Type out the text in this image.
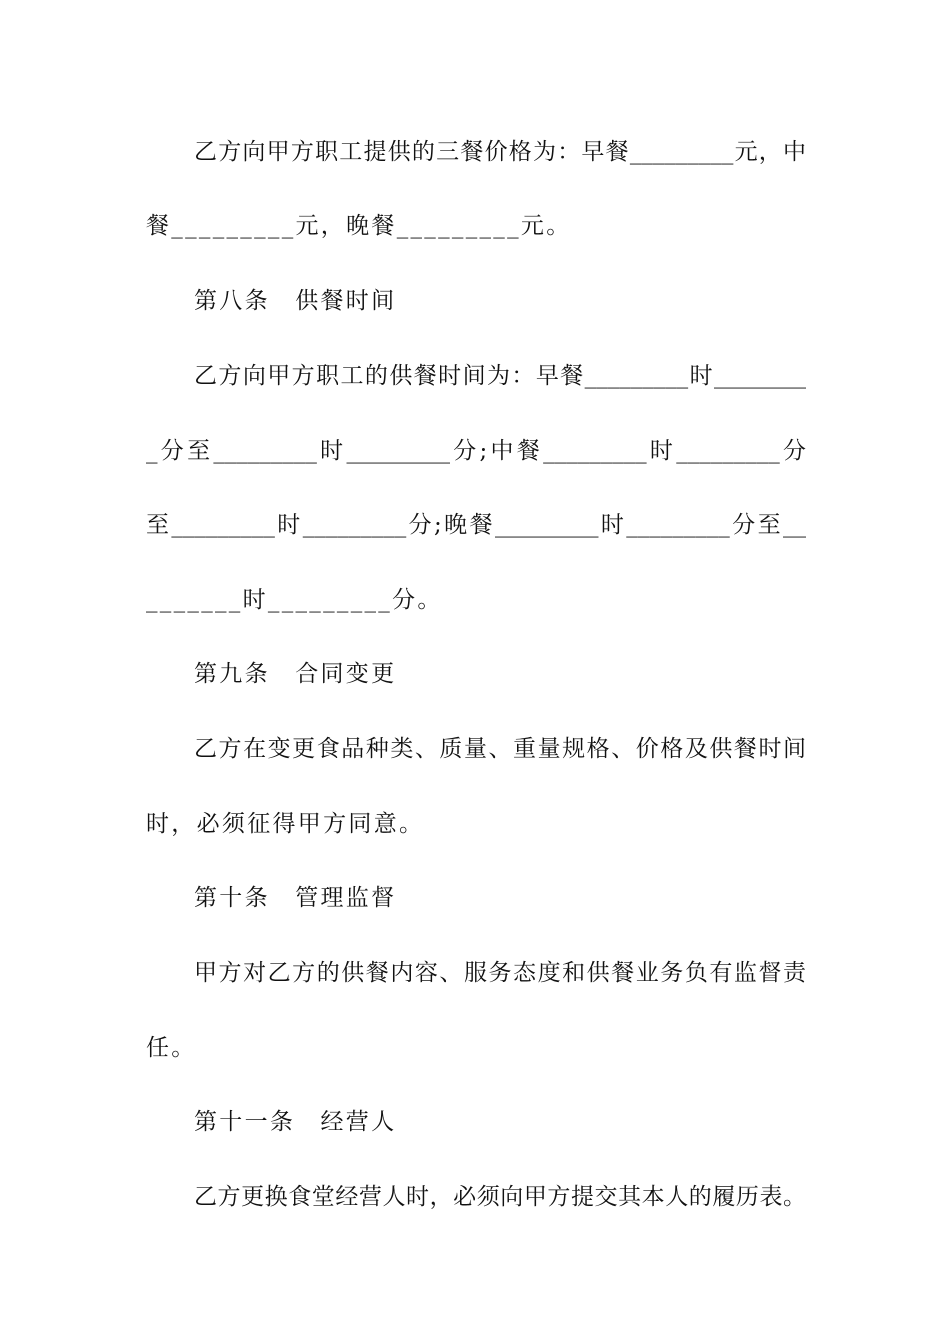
乙方向甲方职工提供的三餐价格为：早餐_________元，中
餐_________元，晚餐_________元。
第八条　供餐时间
乙方向甲方职工的供餐时间为：早餐_________时________
_分至_________时_________分;中餐_________时_________分
至_________时_________分;晚餐_________时_________分至__
_______时_________分。
第九条　合同变更
乙方在变更食品种类、质量、重量规格、价格及供餐时间
时，必须征得甲方同意。
第十条　管理监督
甲方对乙方的供餐内容、服务态度和供餐业务负有监督责
任。
第十一条　经营人
乙方更换食堂经营人时，必须向甲方提交其本人的履历表。
